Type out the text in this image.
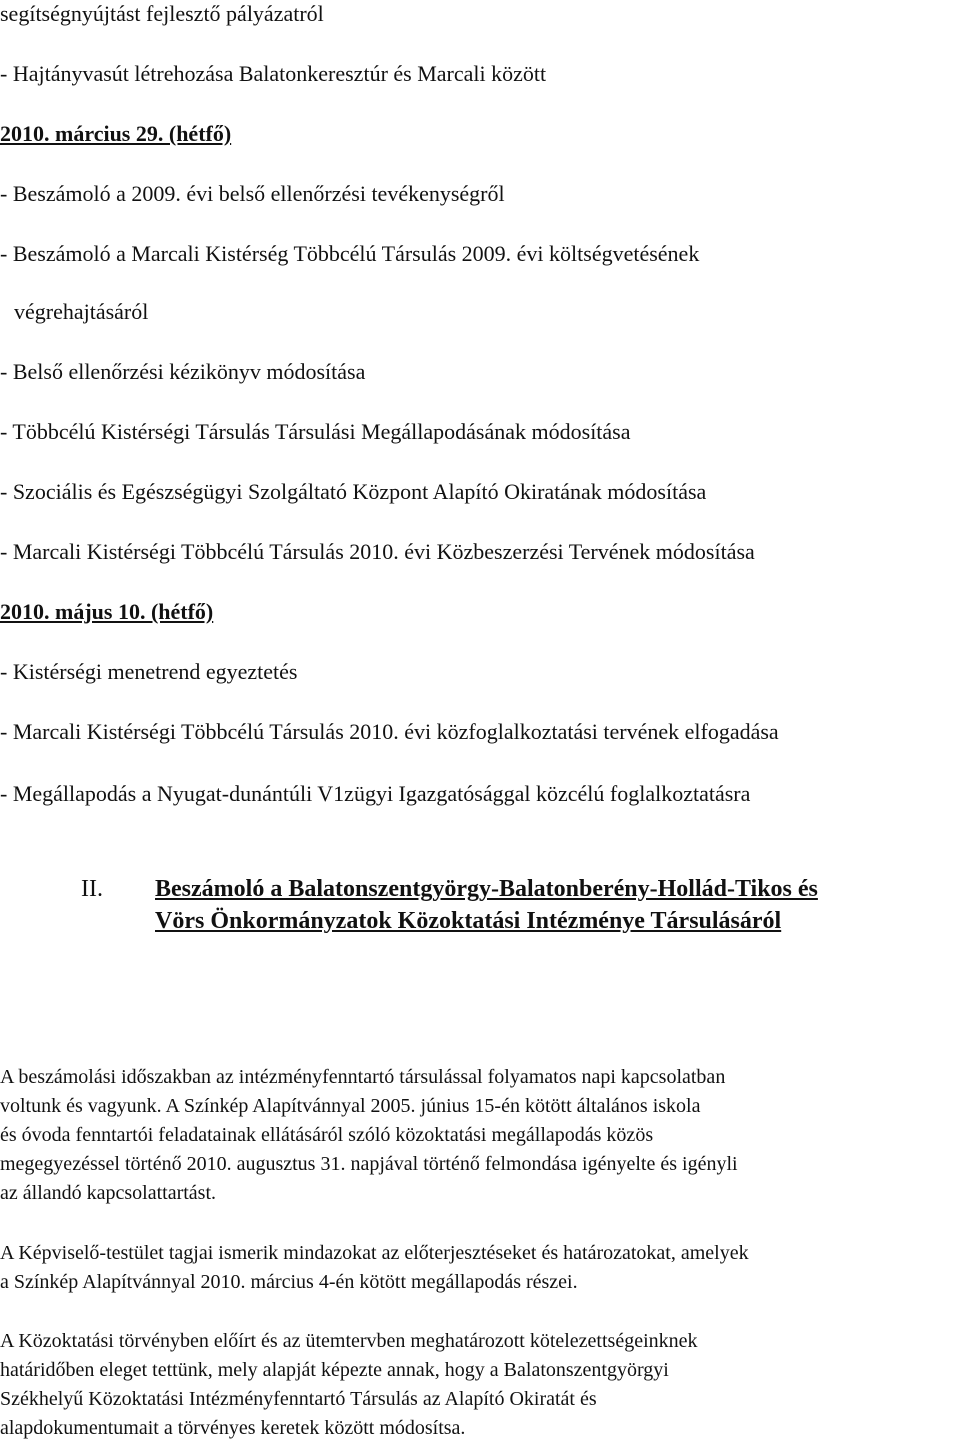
segítségnyújtást fejlesztő pályázatról
- Hajtányvasút létrehozása Balatonkeresztúr és Marcali között
2010. március 29. (hétfő)
- Beszámoló a 2009. évi belső ellenőrzési tevékenységről
- Beszámoló a Marcali Kistérség Többcélú Társulás 2009. évi költségvetésének
végrehajtásáról
- Belső ellenőrzési kézikönyv módosítása
- Többcélú Kistérségi Társulás Társulási Megállapodásának módosítása
- Szociális és Egészségügyi Szolgáltató Központ Alapító Okiratának módosítása
- Marcali Kistérségi Többcélú Társulás 2010. évi Közbeszerzési Tervének módosítása
2010. május 10. (hétfő)
- Kistérségi menetrend egyeztetés
- Marcali Kistérségi Többcélú Társulás 2010. évi közfoglalkoztatási tervének elfogadása
- Megállapodás a Nyugat-dunántúli V1zügyi Igazgatósággal közcélú foglalkoztatásra
II. Beszámoló a Balatonszentgyörgy-Balatonberény-Hollád-Tikos és
Vörs Önkormányzatok Közoktatási Intézménye Társulásáról
A beszámolási időszakban az intézményfenntartó társulással folyamatos napi kapcsolatban
voltunk és vagyunk. A Színkép Alapítvánnyal 2005. június 15-én kötött általános iskola
és óvoda fenntartói feladatainak ellátásáról szóló közoktatási megállapodás közös
megegyezéssel történő 2010. augusztus 31. napjával történő felmondása igényelte és igényli
az állandó kapcsolattartást.
A Képviselő-testület tagjai ismerik mindazokat az előterjesztéseket és határozatokat, amelyek
a Színkép Alapítvánnyal 2010. március 4-én kötött megállapodás részei.
A Közoktatási törvényben előírt és az ütemtervben meghatározott kötelezettségeinknek
határidőben eleget tettünk, mely alapját képezte annak, hogy a Balatonszentgyörgyi
Székhelyű Közoktatási Intézményfenntartó Társulás az Alapító Okiratát és
alapdokumentumait a törvényes keretek között módosítsa.
